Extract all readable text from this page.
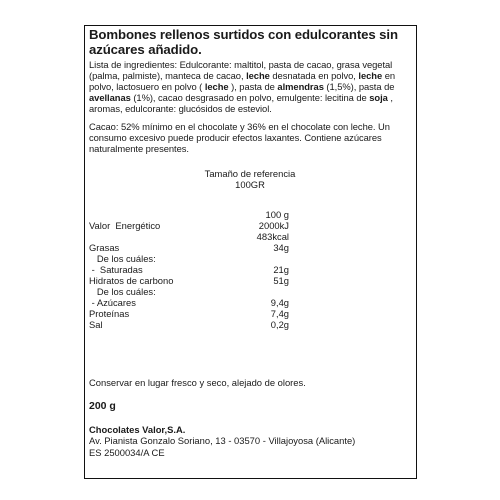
Bombones rellenos surtidos con edulcorantes sin azúcares añadido.

Lista de ingredientes: Edulcorante: maltitol, pasta de cacao, grasa vegetal (palma, palmiste), manteca de cacao, leche desnatada en polvo, leche en polvo, lactosuero en polvo ( leche ), pasta de almendras (1,5%), pasta de avellanas (1%), cacao desgrasado en polvo, emulgente: lecitina de soja , aromas, edulcorante: glucósidos de esteviol.

Cacao: 52% mínimo en el chocolate y 36% en el chocolate con leche. Un consumo excesivo puede producir efectos laxantes. Contiene azúcares naturalmente presentes.

Tamaño de referencia
100GR
100 g
Valor  Energético	2000kJ
483kcal
Grasas	34g
De los cuáles:
-  Saturadas	21g
Hidratos de carbono	51g
De los cuáles:
- Azúcares	9,4g
Proteínas	7,4g
Sal	0,2g
Conservar en lugar fresco y seco, alejado de olores.
200 g
Chocolates Valor,S.A.
Av. Pianista Gonzalo Soriano, 13 - 03570 - Villajoyosa (Alicante)
ES 2500034/A CE
